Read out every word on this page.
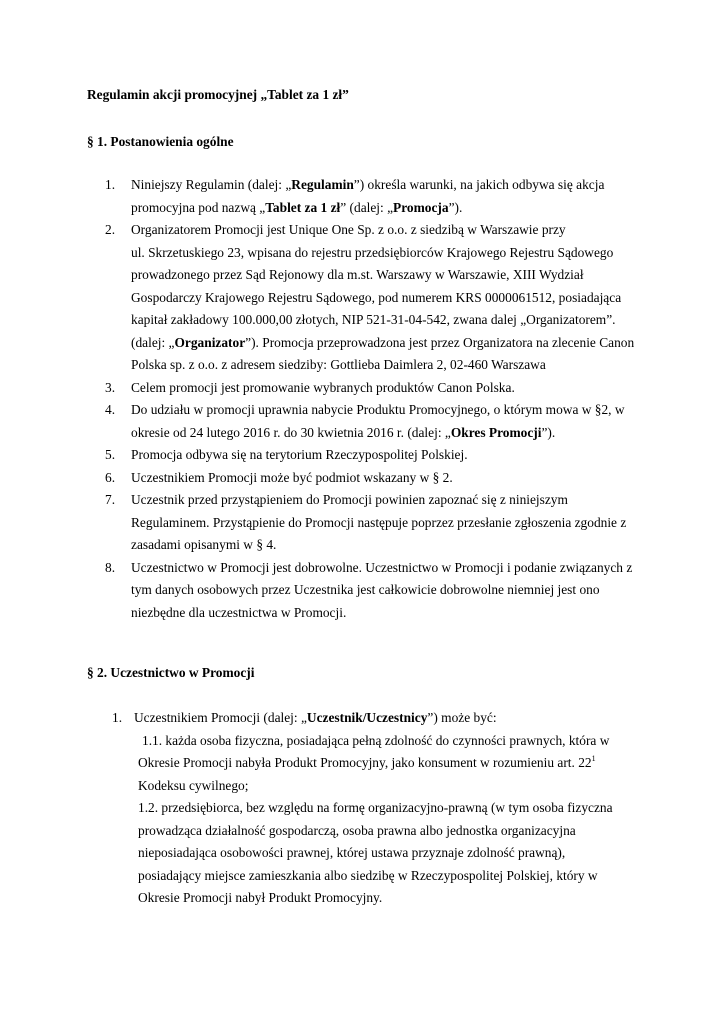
Regulamin akcji promocyjnej „Tablet za 1 zł”
§ 1. Postanowienia ogólne
1. Niniejszy Regulamin (dalej: „Regulamin”) określa warunki, na jakich odbywa się akcja
promocyjna pod nazwą „Tablet za 1 zł” (dalej: „Promocja”).
2. Organizatorem Promocji jest Unique One Sp. z o.o. z siedzibą w Warszawie przy
ul. Skrzetuskiego 23, wpisana do rejestru przedsiębiorców Krajowego Rejestru Sądowego
prowadzonego przez Sąd Rejonowy dla m.st. Warszawy w Warszawie, XIII Wydział
Gospodarczy Krajowego Rejestru Sądowego, pod numerem KRS 0000061512, posiadająca
kapitał zakładowy 100.000,00 złotych, NIP 521-31-04-542, zwana dalej „Organizatorem”.
(dalej: „Organizator”). Promocja przeprowadzona jest przez Organizatora na zlecenie Canon
Polska sp. z o.o. z adresem siedziby: Gottlieba Daimlera 2, 02-460 Warszawa
3. Celem promocji jest promowanie wybranych produktów Canon Polska.
4. Do udziału w promocji uprawnia nabycie Produktu Promocyjnego, o którym mowa w §2, w
okresie od 24 lutego 2016 r. do 30 kwietnia 2016 r. (dalej: „Okres Promocji”).
5. Promocja odbywa się na terytorium Rzeczypospolitej Polskiej.
6. Uczestnikiem Promocji może być podmiot wskazany w § 2.
7. Uczestnik przed przystąpieniem do Promocji powinien zapoznać się z niniejszym
Regulaminem. Przystąpienie do Promocji następuje poprzez przesłanie zgłoszenia zgodnie z
zasadami opisanymi w § 4.
8. Uczestnictwo w Promocji jest dobrowolne. Uczestnictwo w Promocji i podanie związanych z
tym danych osobowych przez Uczestnika jest całkowicie dobrowolne niemniej jest ono
niezbędne dla uczestnictwa w Promocji.
§ 2. Uczestnictwo w Promocji
1. Uczestnikiem Promocji (dalej: „Uczestnik/Uczestnicy”) może być:
1.1. każda osoba fizyczna, posiadająca pełną zdolność do czynności prawnych, która w
Okresie Promocji nabyła Produkt Promocyjny, jako konsument w rozumieniu art. $22^1$
Kodeksu cywilnego;
1.2. przedsiębiorca, bez względu na formę organizacyjno-prawną (w tym osoba fizyczna
prowadząca działalność gospodarczą, osoba prawna albo jednostka organizacyjna
nieposiadająca osobowości prawnej, której ustawa przyznaje zdolność prawną),
posiadający miejsce zamieszkania albo siedzibę w Rzeczypospolitej Polskiej, który w
Okresie Promocji nabył Produkt Promocyjny.
